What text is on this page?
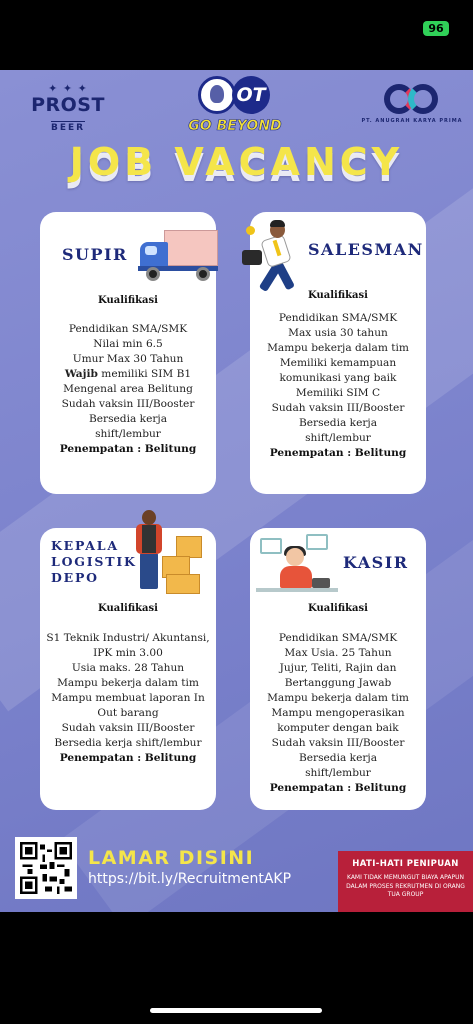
96
✦ ✦ ✦
PROST
BEER
OT
GO BEYOND	PT. ANUGRAH KARYA PRIMA
JOB VACANCY
SUPIR
Kualifikasi
Pendidikan SMA/SMK
Nilai min 6.5
Umur Max 30 Tahun
Wajib memiliki SIM B1
Mengenal area Belitung
Sudah vaksin III/Booster
Bersedia kerja
shift/lembur
Penempatan : Belitung
SALESMAN
Kualifikasi
Pendidikan SMA/SMK
Max usia 30 tahun
Mampu bekerja dalam tim
Memiliki kemampuan
komunikasi yang baik
Memiliki SIM C
Sudah vaksin III/Booster
Bersedia kerja
shift/lembur
Penempatan : Belitung
KEPALA LOGISTIK DEPO
Kualifikasi
S1 Teknik Industri/ Akuntansi,
IPK min 3.00
Usia maks. 28 Tahun
Mampu bekerja dalam tim
Mampu membuat laporan In
Out barang
Sudah vaksin III/Booster
Bersedia kerja shift/lembur
Penempatan : Belitung
KASIR
Kualifikasi
Pendidikan SMA/SMK
Max Usia. 25 Tahun
Jujur, Teliti, Rajin dan
Bertanggung Jawab
Mampu bekerja dalam tim
Mampu mengoperasikan
komputer dengan baik
Sudah vaksin III/Booster
Bersedia kerja
shift/lembur
Penempatan : Belitung
LAMAR DISINI
https://bit.ly/RecruitmentAKP
HATI-HATI PENIPUAN
KAMI TIDAK MEMUNGUT BIAYA APAPUN DALAM PROSES REKRUTMEN DI ORANG TUA GROUP
